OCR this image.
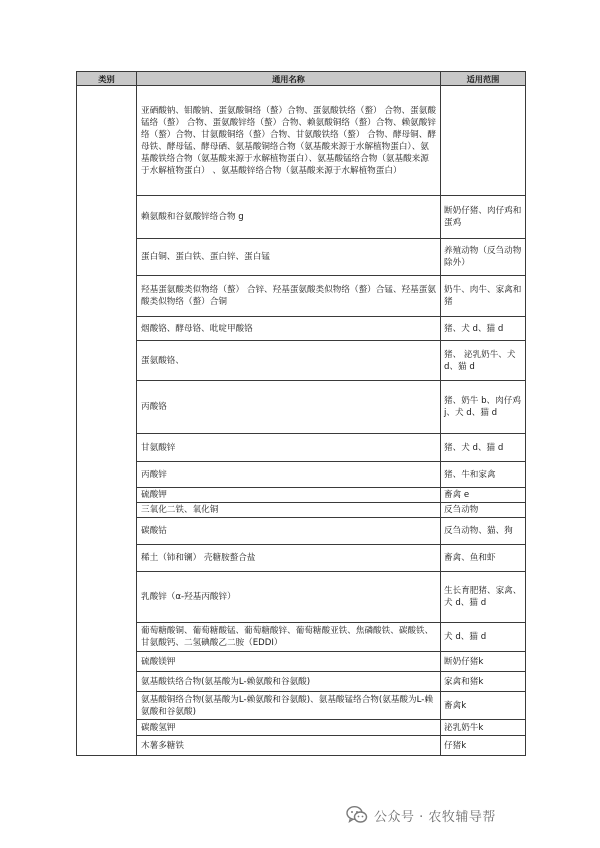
类别	通用名称	适用范围
	亚硒酸钠、钼酸钠、蛋氨酸铜络（螯）合物、蛋氨酸铁络（螯） 合物、蛋氨酸锰络（螯） 合物、蛋氨酸锌络（螯）合物、赖氨酸铜络（螯）合物、赖氨酸锌络（螯）合物、甘氨酸铜络（螯）合物、甘氨酸铁络（螯） 合物、酵母铜、酵母铁、酵母锰、酵母硒、氨基酸铜络合物（氨基酸来源于水解植物蛋白）、氨基酸铁络合物（氨基酸来源于水解植物蛋白）、氨基酸锰络合物（氨基酸来源于水解植物蛋白） 、氨基酸锌络合物（氨基酸来源于水解植物蛋白）	
	赖氨酸和谷氨酸锌络合物 g	断奶仔猪、肉仔鸡和蛋鸡
	蛋白铜、蛋白铁、蛋白锌、蛋白锰	养殖动物（反刍动物除外）
	羟基蛋氨酸类似物络（螯） 合锌、羟基蛋氨酸类似物络（螯）合锰、羟基蛋氨酸类似物络（螯）合铜	奶牛、肉牛、家禽和猪
	烟酸铬、酵母铬、吡啶甲酸铬	猪、犬 d、猫 d
	蛋氨酸铬、	猪、 泌乳奶牛、犬 d、猫 d
	丙酸铬	猪、奶牛 b、肉仔鸡 j、犬 d、猫 d
	甘氨酸锌	猪、犬 d、猫 d
	丙酸锌	猪、牛和家禽
	硫酸钾	畜禽 e
	三氧化二铁、氧化铜	反刍动物
	碳酸钴	反刍动物、猫、狗
	稀土（铈和镧） 壳糖胺螯合盐	畜禽、鱼和虾
	乳酸锌（α-羟基丙酸锌）	生长育肥猪、家禽、犬 d、猫 d
	葡萄糖酸铜、葡萄糖酸锰、葡萄糖酸锌、葡萄糖酸亚铁、焦磷酸铁、碳酸铁、甘氨酸钙、二氢碘酸乙二胺（EDDI）	犬 d、猫 d
	硫酸镁钾	断奶仔猪k
	氨基酸铁络合物(氨基酸为L-赖氨酸和谷氨酸)	家禽和猪k
	氨基酸铜络合物(氨基酸为L-赖氨酸和谷氨酸)、氨基酸锰络合物(氨基酸为L-赖氨酸和谷氨酸)	畜禽k
	碳酸氢钾	泌乳奶牛k
	木薯多糖铁	仔猪k
公众号 · 农牧辅导帮
